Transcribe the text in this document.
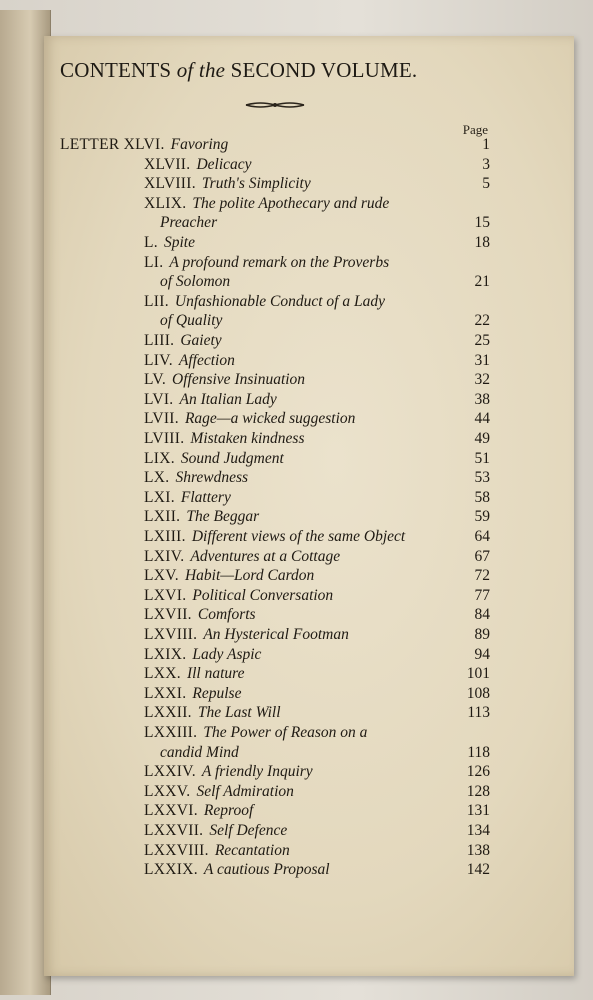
CONTENTS of the SECOND VOLUME.
Page
LETTER XLVI. Favoring	1
XLVII. Delicacy	3
XLVIII. Truth's Simplicity	5
XLIX. The polite Apothecary and rude
Preacher	15
L. Spite	18
LI. A profound remark on the Proverbs
of Solomon	21
LII. Unfashionable Conduct of a Lady
of Quality	22
LIII. Gaiety	25
LIV. Affection	31
LV. Offensive Insinuation	32
LVI. An Italian Lady	38
LVII. Rage—a wicked suggestion	44
LVIII. Mistaken kindness	49
LIX. Sound Judgment	51
LX. Shrewdness	53
LXI. Flattery	58
LXII. The Beggar	59
LXIII. Different views of the same Object	64
LXIV. Adventures at a Cottage	67
LXV. Habit—Lord Cardon	72
LXVI. Political Conversation	77
LXVII. Comforts	84
LXVIII. An Hysterical Footman	89
LXIX. Lady Aspic	94
LXX. Ill nature	101
LXXI. Repulse	108
LXXII. The Last Will	113
LXXIII. The Power of Reason on a
candid Mind	118
LXXIV. A friendly Inquiry	126
LXXV. Self Admiration	128
LXXVI. Reproof	131
LXXVII. Self Defence	134
LXXVIII. Recantation	138
LXXIX. A cautious Proposal	142
